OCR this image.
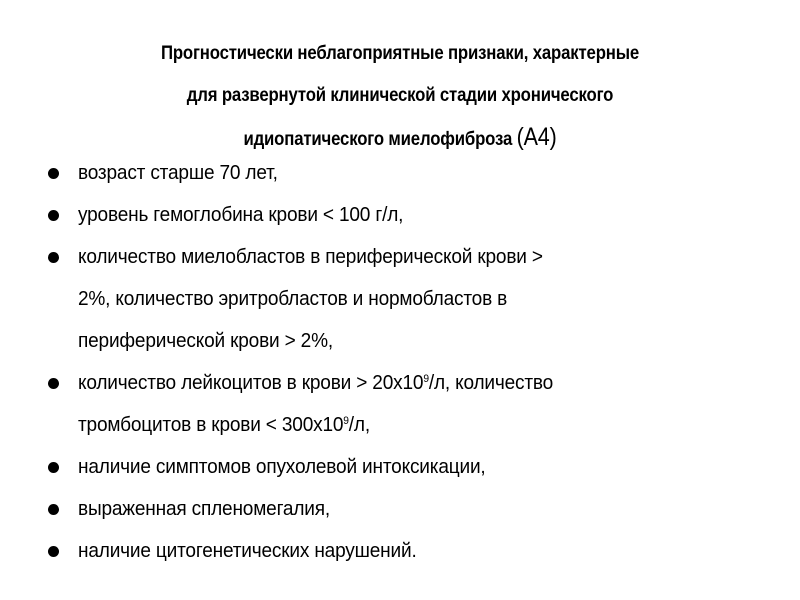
Прогностически неблагоприятные признаки, характерные
для развернутой клинической стадии хронического
идиопатического миелофиброза (А4)
возраст старше 70 лет,
уровень гемоглобина крови < 100 г/л,
количество миелобластов в периферической крови >
2%, количество эритробластов и нормобластов в
периферической крови > 2%,
количество лейкоцитов в крови > $20х10^9/л$, количество
тромбоцитов в крови < $300х10^9/л$,
наличие симптомов опухолевой интоксикации,
выраженная спленомегалия,
наличие цитогенетических нарушений.
